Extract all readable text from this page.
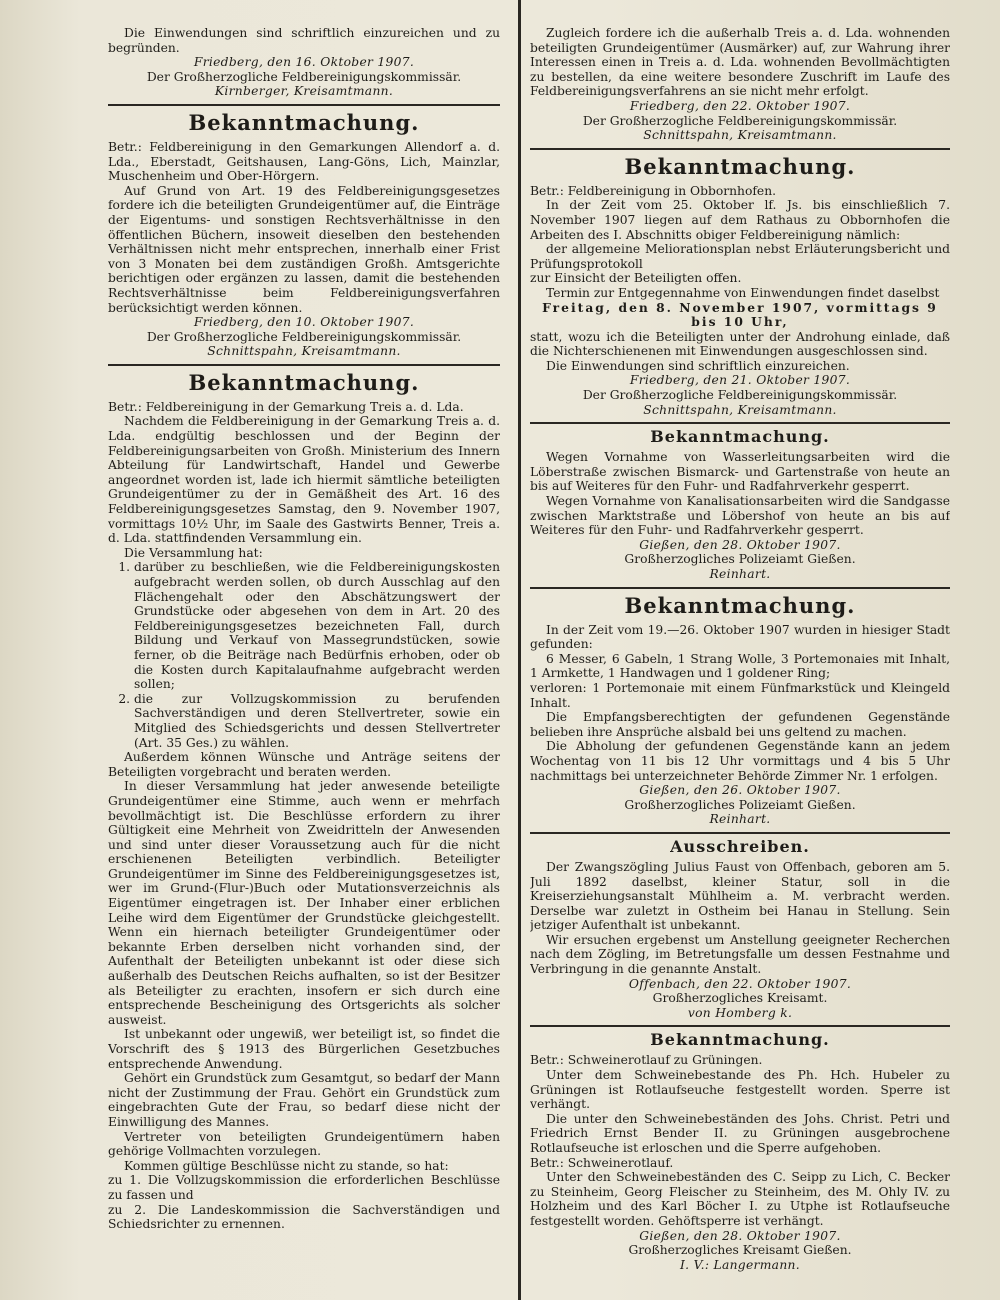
Die Einwendungen sind schriftlich einzureichen und zu begründen.

Friedberg, den 16. Oktober 1907.

Der Großherzogliche Feldbereinigungskommissär.

Kirnberger, Kreisamtmann.

Bekanntmachung.

Betr.: Feldbereinigung in den Gemarkungen Allendorf a. d. Lda., Eberstadt, Geitshausen, Lang-Göns, Lich, Mainzlar, Muschenheim und Ober-Hörgern.

Auf Grund von Art. 19 des Feldbereinigungsgesetzes fordere ich die beteiligten Grundeigentümer auf, die Einträge der Eigentums- und sonstigen Rechtsverhältnisse in den öffentlichen Büchern, insoweit dieselben den bestehenden Verhältnissen nicht mehr entsprechen, innerhalb einer Frist von 3 Monaten bei dem zuständigen Großh. Amtsgerichte berichtigen oder ergänzen zu lassen, damit die bestehenden Rechtsverhältnisse beim Feldbereinigungsverfahren berücksichtigt werden können.

Friedberg, den 10. Oktober 1907.

Der Großherzogliche Feldbereinigungskommissär.

Schnittspahn, Kreisamtmann.

Bekanntmachung.

Betr.: Feldbereinigung in der Gemarkung Treis a. d. Lda.

Nachdem die Feldbereinigung in der Gemarkung Treis a. d. Lda. endgültig beschlossen und der Beginn der Feldbereinigungsarbeiten von Großh. Ministerium des Innern Abteilung für Landwirtschaft, Handel und Gewerbe angeordnet worden ist, lade ich hiermit sämtliche beteiligten Grundeigentümer zu der in Gemäßheit des Art. 16 des Feldbereinigungsgesetzes Samstag, den 9. November 1907, vormittags 10½ Uhr, im Saale des Gastwirts Benner, Treis a. d. Lda. stattfindenden Versammlung ein.

Die Versammlung hat:

1. darüber zu beschließen, wie die Feldbereinigungskosten aufgebracht werden sollen, ob durch Ausschlag auf den Flächengehalt oder den Abschätzungswert der Grundstücke oder abgesehen von dem in Art. 20 des Feldbereinigungsgesetzes bezeichneten Fall, durch Bildung und Verkauf von Massegrundstücken, sowie ferner, ob die Beiträge nach Bedürfnis erhoben, oder ob die Kosten durch Kapitalaufnahme aufgebracht werden sollen;
2. die zur Vollzugskommission zu berufenden Sachverständigen und deren Stellvertreter, sowie ein Mitglied des Schiedsgerichts und dessen Stellvertreter (Art. 35 Ges.) zu wählen.

Außerdem können Wünsche und Anträge seitens der Beteiligten vorgebracht und beraten werden.

In dieser Versammlung hat jeder anwesende beteiligte Grundeigentümer eine Stimme, auch wenn er mehrfach bevollmächtigt ist. Die Beschlüsse erfordern zu ihrer Gültigkeit eine Mehrheit von Zweidritteln der Anwesenden und sind unter dieser Voraussetzung auch für die nicht erschienenen Beteiligten verbindlich. Beteiligter Grundeigentümer im Sinne des Feldbereinigungsgesetzes ist, wer im Grund-(Flur-)Buch oder Mutationsverzeichnis als Eigentümer eingetragen ist. Der Inhaber einer erblichen Leihe wird dem Eigentümer der Grundstücke gleichgestellt. Wenn ein hiernach beteiligter Grundeigentümer oder bekannte Erben derselben nicht vorhanden sind, der Aufenthalt der Beteiligten unbekannt ist oder diese sich außerhalb des Deutschen Reichs aufhalten, so ist der Besitzer als Beteiligter zu erachten, insofern er sich durch eine entsprechende Bescheinigung des Ortsgerichts als solcher ausweist.

Ist unbekannt oder ungewiß, wer beteiligt ist, so findet die Vorschrift des § 1913 des Bürgerlichen Gesetzbuches entsprechende Anwendung.

Gehört ein Grundstück zum Gesamtgut, so bedarf der Mann nicht der Zustimmung der Frau. Gehört ein Grundstück zum eingebrachten Gute der Frau, so bedarf diese nicht der Einwilligung des Mannes.

Vertreter von beteiligten Grundeigentümern haben gehörige Vollmachten vorzulegen.

Kommen gültige Beschlüsse nicht zu stande, so hat:

zu 1. Die Vollzugskommission die erforderlichen Beschlüsse zu fassen und

zu 2. Die Landeskommission die Sachverständigen und Schiedsrichter zu ernennen.

Zugleich fordere ich die außerhalb Treis a. d. Lda. wohnenden beteiligten Grundeigentümer (Ausmärker) auf, zur Wahrung ihrer Interessen einen in Treis a. d. Lda. wohnenden Bevollmächtigten zu bestellen, da eine weitere besondere Zuschrift im Laufe des Feldbereinigungsverfahrens an sie nicht mehr erfolgt.

Friedberg, den 22. Oktober 1907.

Der Großherzogliche Feldbereinigungskommissär.

Schnittspahn, Kreisamtmann.

Bekanntmachung.

Betr.: Feldbereinigung in Obbornhofen.

In der Zeit vom 25. Oktober lf. Js. bis einschließlich 7. November 1907 liegen auf dem Rathaus zu Obbornhofen die Arbeiten des I. Abschnitts obiger Feldbereinigung nämlich:

der allgemeine Meliorationsplan nebst Erläuterungsbericht und Prüfungsprotokoll

zur Einsicht der Beteiligten offen.

Termin zur Entgegennahme von Einwendungen findet daselbst

Freitag, den 8. November 1907, vormittags 9 bis 10 Uhr,

statt, wozu ich die Beteiligten unter der Androhung einlade, daß die Nichterschienenen mit Einwendungen ausgeschlossen sind.

Die Einwendungen sind schriftlich einzureichen.

Friedberg, den 21. Oktober 1907.

Der Großherzogliche Feldbereinigungskommissär.

Schnittspahn, Kreisamtmann.

Bekanntmachung.

Wegen Vornahme von Wasserleitungsarbeiten wird die Löberstraße zwischen Bismarck- und Gartenstraße von heute an bis auf Weiteres für den Fuhr- und Radfahrverkehr gesperrt.

Wegen Vornahme von Kanalisationsarbeiten wird die Sandgasse zwischen Marktstraße und Löbershof von heute an bis auf Weiteres für den Fuhr- und Radfahrverkehr gesperrt.

Gießen, den 28. Oktober 1907.

Großherzogliches Polizeiamt Gießen.

Reinhart.

Bekanntmachung.

In der Zeit vom 19.—26. Oktober 1907 wurden in hiesiger Stadt gefunden:

6 Messer, 6 Gabeln, 1 Strang Wolle, 3 Portemonaies mit Inhalt, 1 Armkette, 1 Handwagen und 1 goldener Ring;

verloren: 1 Portemonaie mit einem Fünfmarkstück und Kleingeld Inhalt.

Die Empfangsberechtigten der gefundenen Gegenstände belieben ihre Ansprüche alsbald bei uns geltend zu machen.

Die Abholung der gefundenen Gegenstände kann an jedem Wochentag von 11 bis 12 Uhr vormittags und 4 bis 5 Uhr nachmittags bei unterzeichneter Behörde Zimmer Nr. 1 erfolgen.

Gießen, den 26. Oktober 1907.

Großherzogliches Polizeiamt Gießen.

Reinhart.

Ausschreiben.

Der Zwangszögling Julius Faust von Offenbach, geboren am 5. Juli 1892 daselbst, kleiner Statur, soll in die Kreiserziehungsanstalt Mühlheim a. M. verbracht werden. Derselbe war zuletzt in Ostheim bei Hanau in Stellung. Sein jetziger Aufenthalt ist unbekannt.

Wir ersuchen ergebenst um Anstellung geeigneter Recherchen nach dem Zögling, im Betretungsfalle um dessen Festnahme und Verbringung in die genannte Anstalt.

Offenbach, den 22. Oktober 1907.

Großherzogliches Kreisamt.

von Homberg k.

Bekanntmachung.

Betr.: Schweinerotlauf zu Grüningen.

Unter dem Schweinebestande des Ph. Hch. Hubeler zu Grüningen ist Rotlaufseuche festgestellt worden. Sperre ist verhängt.

Die unter den Schweinebeständen des Johs. Christ. Petri und Friedrich Ernst Bender II. zu Grüningen ausgebrochene Rotlaufseuche ist erloschen und die Sperre aufgehoben.

Betr.: Schweinerotlauf.

Unter den Schweinebeständen des C. Seipp zu Lich, C. Becker zu Steinheim, Georg Fleischer zu Steinheim, des M. Ohly IV. zu Holzheim und des Karl Böcher I. zu Utphe ist Rotlaufseuche festgestellt worden. Gehöftsperre ist verhängt.

Gießen, den 28. Oktober 1907.

Großherzogliches Kreisamt Gießen.

I. V.: Langermann.
